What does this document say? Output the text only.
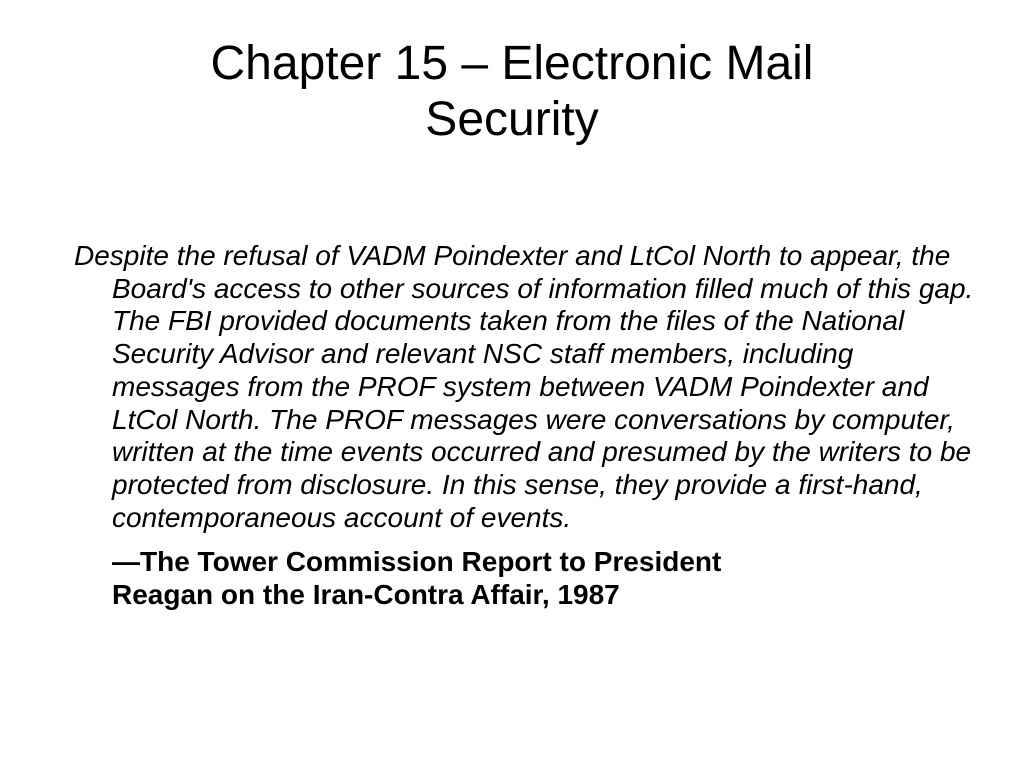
Chapter 15 – Electronic Mail
Security

Despite the refusal of VADM Poindexter and LtCol North to appear, the Board's access to other sources of information filled much of this gap. The FBI provided documents taken from the files of the National Security Advisor and relevant NSC staff members, including messages from the PROF system between VADM Poindexter and LtCol North. The PROF messages were conversations by computer, written at the time events occurred and presumed by the writers to be protected from disclosure. In this sense, they provide a first-hand, contemporaneous account of events.

—The Tower Commission Report to President
Reagan on the Iran-Contra Affair, 1987
